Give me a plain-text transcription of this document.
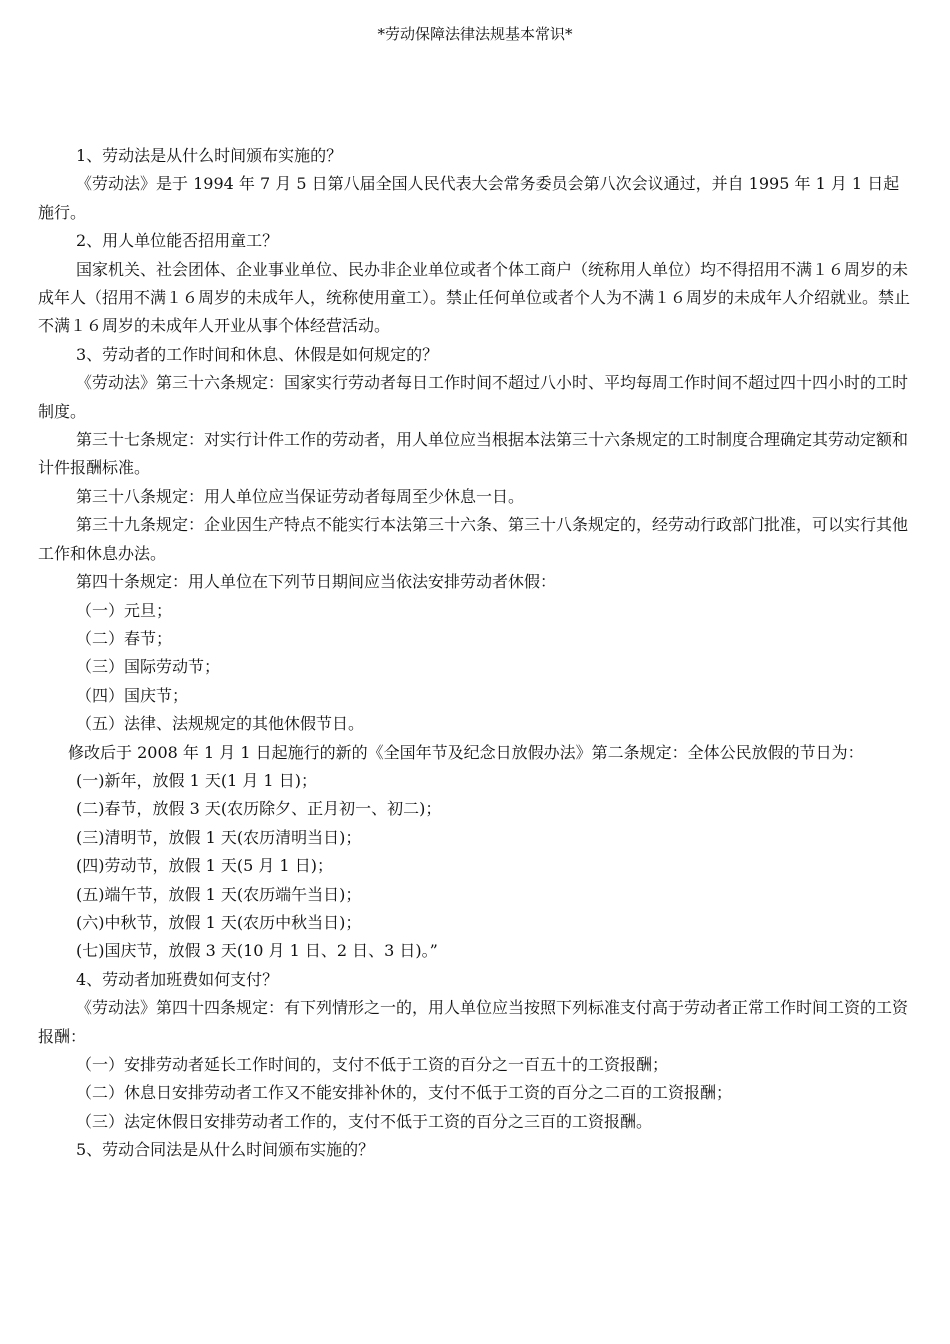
*劳动保障法律法规基本常识*

1、劳动法是从什么时间颁布实施的？

《劳动法》是于 1994 年 7 月 5 日第八届全国人民代表大会常务委员会第八次会议通过，并自 1995 年 1 月 1 日起施行。

2、用人单位能否招用童工？

国家机关、社会团体、企业事业单位、民办非企业单位或者个体工商户（统称用人单位）均不得招用不满１６周岁的未成年人（招用不满１６周岁的未成年人，统称使用童工）。禁止任何单位或者个人为不满１６周岁的未成年人介绍就业。禁止不满１６周岁的未成年人开业从事个体经营活动。

3、劳动者的工作时间和休息、休假是如何规定的？

《劳动法》第三十六条规定：国家实行劳动者每日工作时间不超过八小时、平均每周工作时间不超过四十四小时的工时制度。

第三十七条规定：对实行计件工作的劳动者，用人单位应当根据本法第三十六条规定的工时制度合理确定其劳动定额和计件报酬标准。

第三十八条规定：用人单位应当保证劳动者每周至少休息一日。

第三十九条规定：企业因生产特点不能实行本法第三十六条、第三十八条规定的，经劳动行政部门批准，可以实行其他工作和休息办法。

第四十条规定：用人单位在下列节日期间应当依法安排劳动者休假：

（一）元旦；

（二）春节；

（三）国际劳动节；

（四）国庆节；

（五）法律、法规规定的其他休假节日。

修改后于 2008 年 1 月 1 日起施行的新的《全国年节及纪念日放假办法》第二条规定：全体公民放假的节日为：

(一)新年，放假 1 天(1 月 1 日)；

(二)春节，放假 3 天(农历除夕、正月初一、初二)；

(三)清明节，放假 1 天(农历清明当日)；

(四)劳动节，放假 1 天(5 月 1 日)；

(五)端午节，放假 1 天(农历端午当日)；

(六)中秋节，放假 1 天(农历中秋当日)；

(七)国庆节，放假 3 天(10 月 1 日、2 日、3 日)。”

4、劳动者加班费如何支付？

《劳动法》第四十四条规定：有下列情形之一的，用人单位应当按照下列标准支付高于劳动者正常工作时间工资的工资报酬：

（一）安排劳动者延长工作时间的，支付不低于工资的百分之一百五十的工资报酬；

（二）休息日安排劳动者工作又不能安排补休的，支付不低于工资的百分之二百的工资报酬；

（三）法定休假日安排劳动者工作的，支付不低于工资的百分之三百的工资报酬。

5、劳动合同法是从什么时间颁布实施的？
